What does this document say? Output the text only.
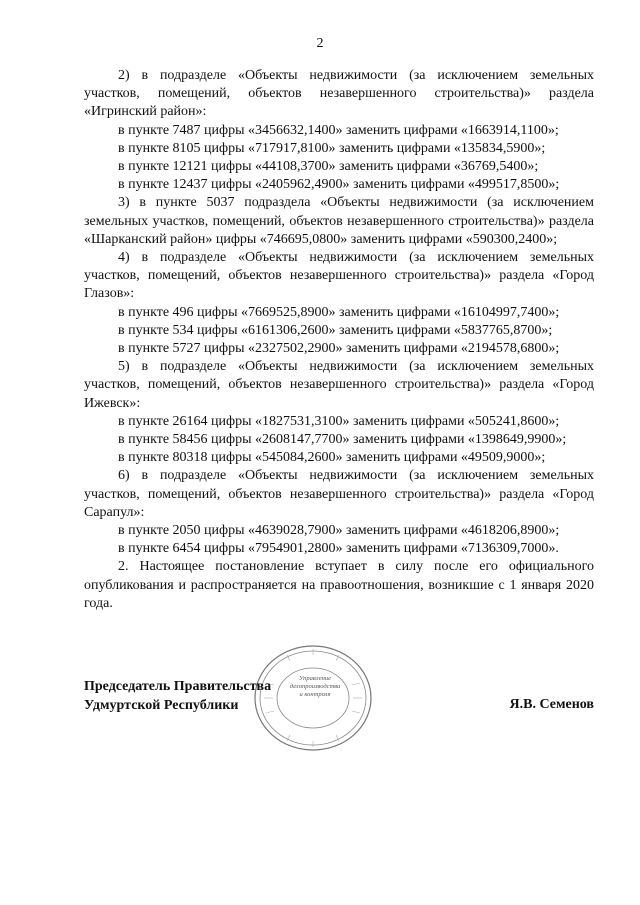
2

2) в подразделе «Объекты недвижимости (за исключением земельных участков, помещений, объектов незавершенного строительства)» раздела «Игринский район»:

в пункте 7487 цифры «3456632,1400» заменить цифрами «1663914,1100»;

в пункте 8105 цифры «717917,8100» заменить цифрами «135834,5900»;

в пункте 12121 цифры «44108,3700» заменить цифрами «36769,5400»;

в пункте 12437 цифры «2405962,4900» заменить цифрами «499517,8500»;

3) в пункте 5037 подраздела «Объекты недвижимости (за исключением земельных участков, помещений, объектов незавершенного строительства)» раздела «Шарканский район» цифры «746695,0800» заменить цифрами «590300,2400»;

4) в подразделе «Объекты недвижимости (за исключением земельных участков, помещений, объектов незавершенного строительства)» раздела «Город Глазов»:

в пункте 496 цифры «7669525,8900» заменить цифрами «16104997,7400»;

в пункте 534 цифры «6161306,2600» заменить цифрами «5837765,8700»;

в пункте 5727 цифры «2327502,2900» заменить цифрами «2194578,6800»;

5) в подразделе «Объекты недвижимости (за исключением земельных участков, помещений, объектов незавершенного строительства)» раздела «Город Ижевск»:

в пункте 26164 цифры «1827531,3100» заменить цифрами «505241,8600»;

в пункте 58456 цифры «2608147,7700» заменить цифрами «1398649,9900»;

в пункте 80318 цифры «545084,2600» заменить цифрами «49509,9000»;

6) в подразделе «Объекты недвижимости (за исключением земельных участков, помещений, объектов незавершенного строительства)» раздела «Город Сарапул»:

в пункте 2050 цифры «4639028,7900» заменить цифрами «4618206,8900»;

в пункте 6454 цифры «7954901,2800» заменить цифрами «7136309,7000».

2. Настоящее постановление вступает в силу после его официального опубликования и распространяется на правоотношения, возникшие с 1 января 2020 года.

Управление
делопроизводства
и контроля
Председатель Правительства
Удмуртской Республики	Я.В. Семенов
